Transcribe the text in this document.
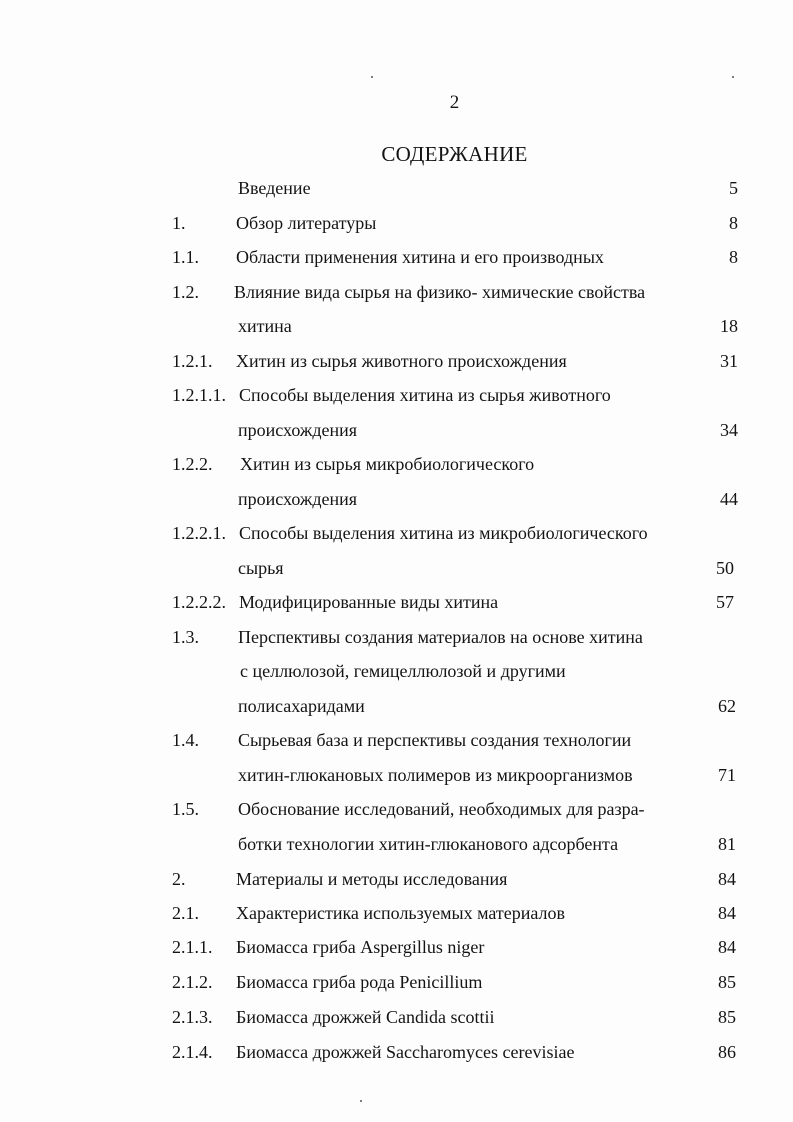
2
СОДЕРЖАНИЕ
Введение	5
1.	Обзор литературы	8
1.1. Области применения хитина и его производных	8
1.2. Влияние вида сырья на физико- химические свойства
хитина	18
1.2.1. Хитин из сырья животного происхождения	31
1.2.1.1. Способы выделения хитина из сырья животного
происхождения	34
1.2.2. Хитин из сырья микробиологического
происхождения	44
1.2.2.1. Способы выделения хитина из микробиологического
сырья	50
1.2.2.2. Модифицированные виды хитина	57
1.3. Перспективы создания материалов на основе хитина
с целлюлозой, гемицеллюлозой и другими
полисахаридами	62
1.4. Сырьевая база и перспективы создания технологии
хитин-глюкановых полимеров из микроорганизмов	71
1.5. Обоснование исследований, необходимых для разра-
ботки технологии хитин-глюканового адсорбента	81
2.	Материалы и методы исследования	84
2.1. Характеристика используемых материалов	84
2.1.1. Биомасса гриба Aspergillus niger	84
2.1.2. Биомасса гриба рода Penicillium	85
2.1.3. Биомасса дрожжей Candida scottii	85
2.1.4. Биомасса дрожжей Saccharomyces cerevisiae	86
